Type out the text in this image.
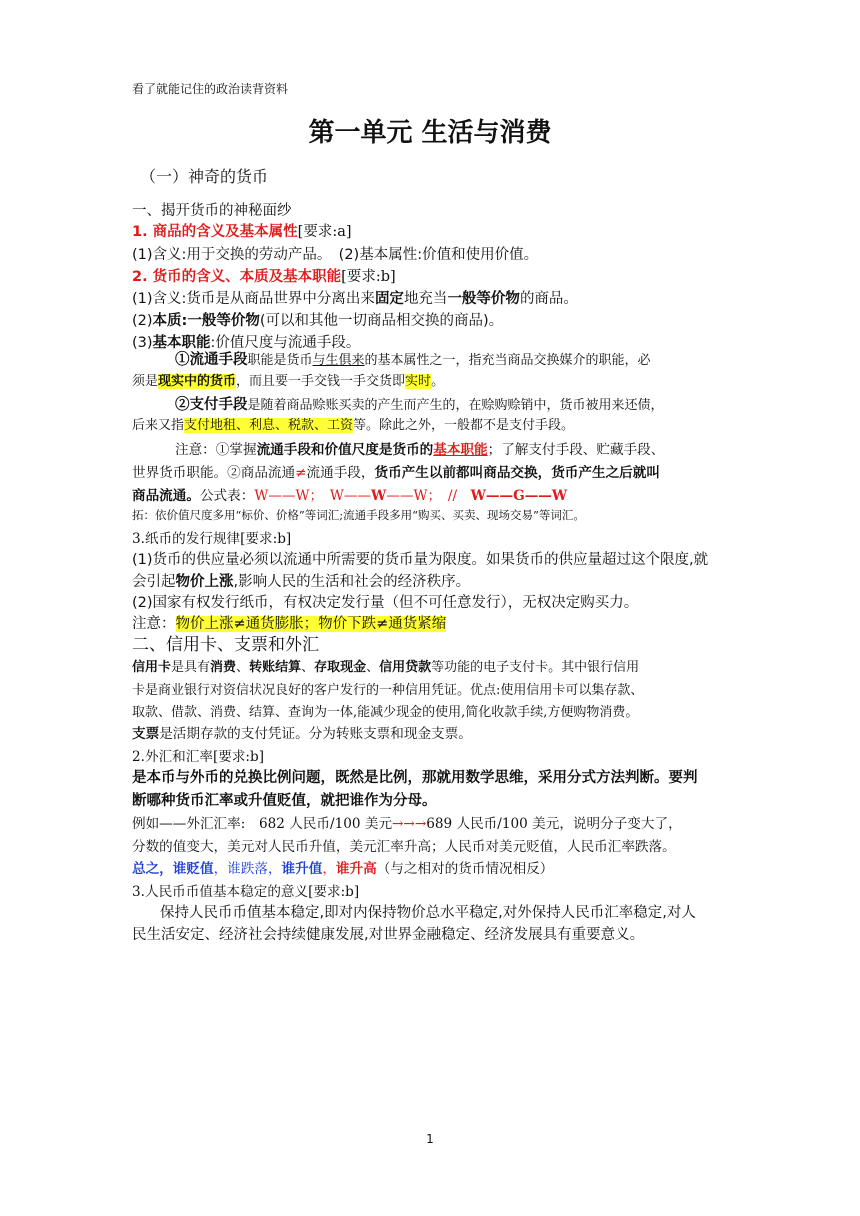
看了就能记住的政治读背资料
第一单元 生活与消费
（一）神奇的货币
一、揭开货币的神秘面纱
1. 商品的含义及基本属性[要求:a]
(1)含义:用于交换的劳动产品。　(2)基本属性:价值和使用价值。
2. 货币的含义、本质及基本职能[要求:b]
(1)含义:货币是从商品世界中分离出来固定地充当一般等价物的商品。
(2)本质:一般等价物(可以和其他一切商品相交换的商品)。
(3)基本职能:价值尺度与流通手段。
①流通手段职能是货币与生俱来的基本属性之一，指充当商品交换媒介的职能，必
须是现实中的货币，而且要一手交钱一手交货即实时。
②支付手段是随着商品赊账买卖的产生而产生的，在赊购赊销中，货币被用来还债，
后来又指支付地租、利息、税款、工资等。除此之外，一般都不是支付手段。
注意：①掌握流通手段和价值尺度是货币的基本职能；了解支付手段、贮藏手段、
世界货币职能。②商品流通≠流通手段，货币产生以前都叫商品交换，货币产生之后就叫
商品流通。公式表：W——W；　W——W——W；　//　W——G——W
拓：依价值尺度多用“标价、价格”等词汇;流通手段多用“购买、买卖、现场交易”等词汇。
3.纸币的发行规律[要求:b]
(1)货币的供应量必须以流通中所需要的货币量为限度。如果货币的供应量超过这个限度,就
会引起物价上涨,影响人民的生活和社会的经济秩序。
(2)国家有权发行纸币，有权决定发行量（但不可任意发行），无权决定购买力。
注意：物价上涨≠通货膨胀；物价下跌≠通货紧缩
二、信用卡、支票和外汇
信用卡是具有消费、转账结算、存取现金、信用贷款等功能的电子支付卡。其中银行信用
卡是商业银行对资信状况良好的客户发行的一种信用凭证。优点:使用信用卡可以集存款、
取款、借款、消费、结算、查询为一体,能减少现金的使用,简化收款手续,方便购物消费。
支票是活期存款的支付凭证。分为转账支票和现金支票。
2.外汇和汇率[要求:b]
是本币与外币的兑换比例问题，既然是比例，那就用数学思维，采用分式方法判断。要判
断哪种货币汇率或升值贬值，就把谁作为分母。
例如——外汇汇率:　682 人民币/100 美元→→→689 人民币/100 美元，说明分子变大了，
分数的值变大，美元对人民币升值，美元汇率升高；人民币对美元贬值，人民币汇率跌落。
总之，谁贬值，谁跌落，谁升值，谁升高（与之相对的货币情况相反）
3.人民币币值基本稳定的意义[要求:b]
保持人民币币值基本稳定,即对内保持物价总水平稳定,对外保持人民币汇率稳定,对人
民生活安定、经济社会持续健康发展,对世界金融稳定、经济发展具有重要意义。
1
